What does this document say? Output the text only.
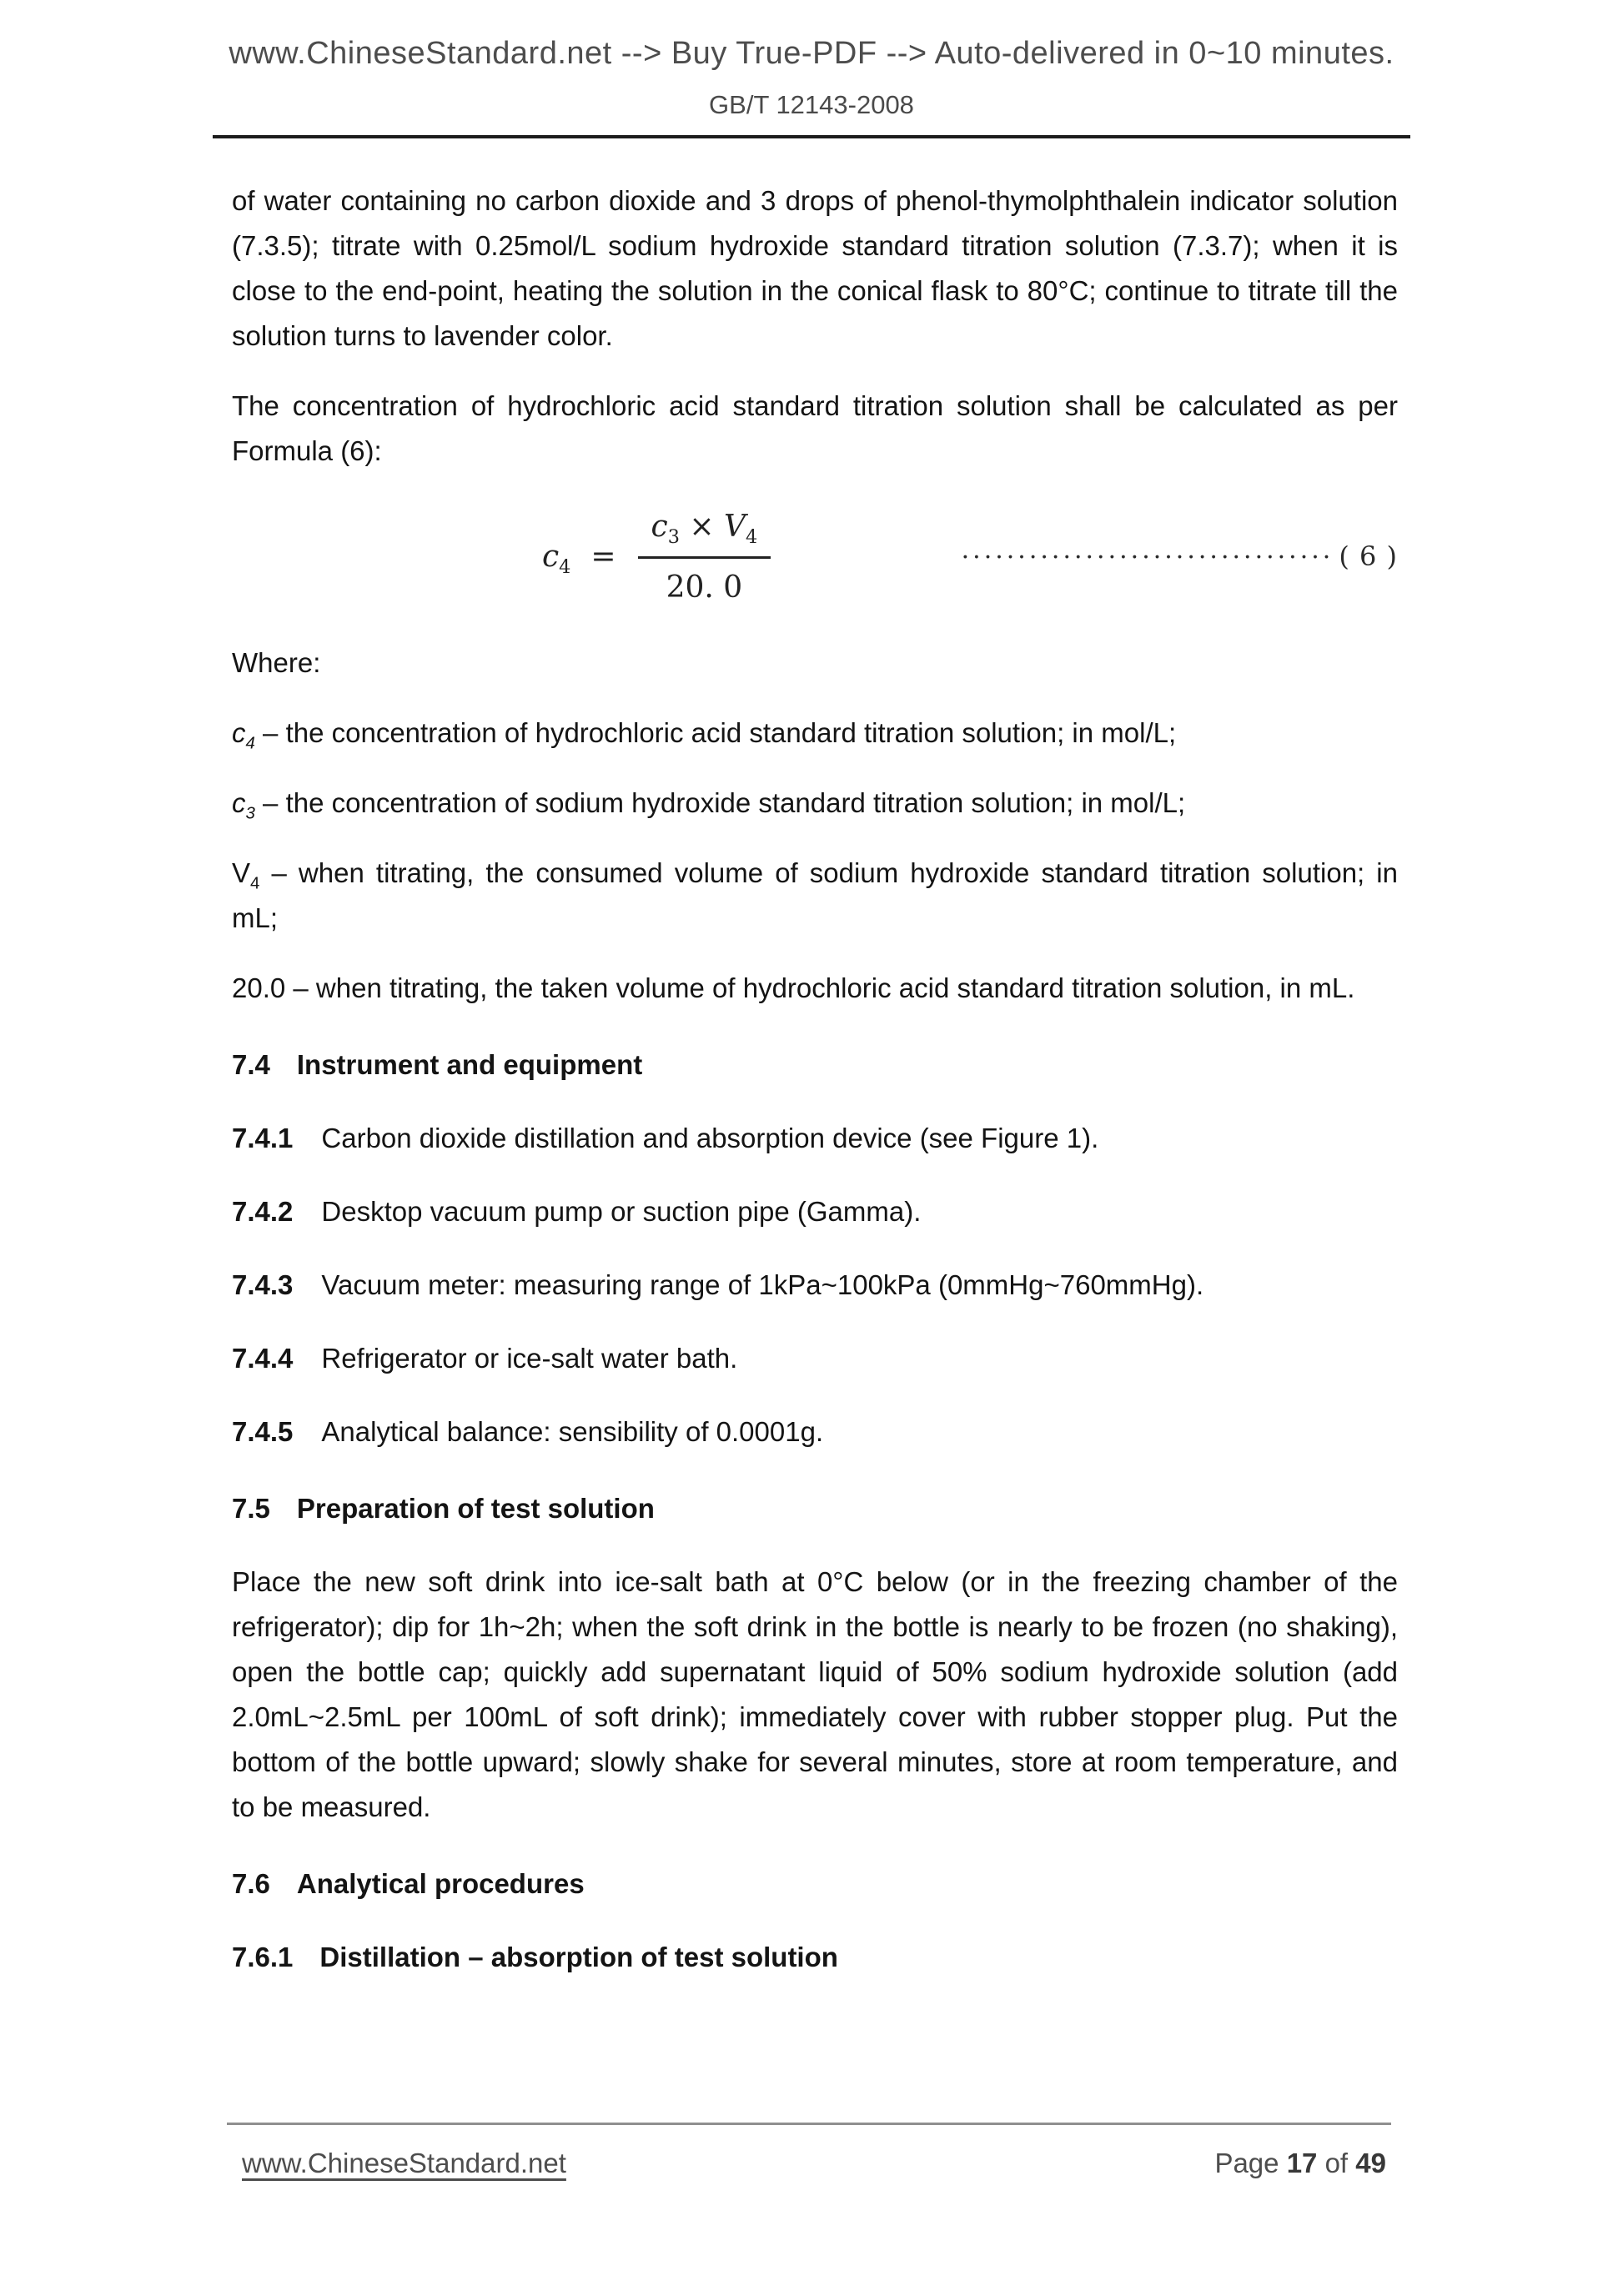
www.ChineseStandard.net --> Buy True-PDF --> Auto-delivered in 0~10 minutes.
GB/T 12143-2008

of water containing no carbon dioxide and 3 drops of phenol-thymolphthalein indicator solution (7.3.5); titrate with 0.25mol/L sodium hydroxide standard titration solution (7.3.7); when it is close to the end-point, heating the solution in the conical flask to 80°C; continue to titrate till the solution turns to lavender color.

The concentration of hydrochloric acid standard titration solution shall be calculated as per Formula (6):

$c_4 = \frac{c_3 \times V_4}{20. 0}$	································· ( 6 )

Where:

$c_4$ – the concentration of hydrochloric acid standard titration solution; in mol/L;

$c_3$ – the concentration of sodium hydroxide standard titration solution; in mol/L;

$V_4$ – when titrating, the consumed volume of sodium hydroxide standard titration solution; in mL;

20.0 – when titrating, the taken volume of hydrochloric acid standard titration solution, in mL.

7.4 Instrument and equipment

7.4.1 Carbon dioxide distillation and absorption device (see Figure 1).

7.4.2 Desktop vacuum pump or suction pipe (Gamma).

7.4.3 Vacuum meter: measuring range of 1kPa~100kPa (0mmHg~760mmHg).

7.4.4 Refrigerator or ice-salt water bath.

7.4.5 Analytical balance: sensibility of 0.0001g.

7.5 Preparation of test solution

Place the new soft drink into ice-salt bath at 0°C below (or in the freezing chamber of the refrigerator); dip for 1h~2h; when the soft drink in the bottle is nearly to be frozen (no shaking), open the bottle cap; quickly add supernatant liquid of 50% sodium hydroxide solution (add 2.0mL~2.5mL per 100mL of soft drink); immediately cover with rubber stopper plug. Put the bottom of the bottle upward; slowly shake for several minutes, store at room temperature, and to be measured.

7.6 Analytical procedures

7.6.1 Distillation – absorption of test solution

www.ChineseStandard.net	Page 17 of 49
